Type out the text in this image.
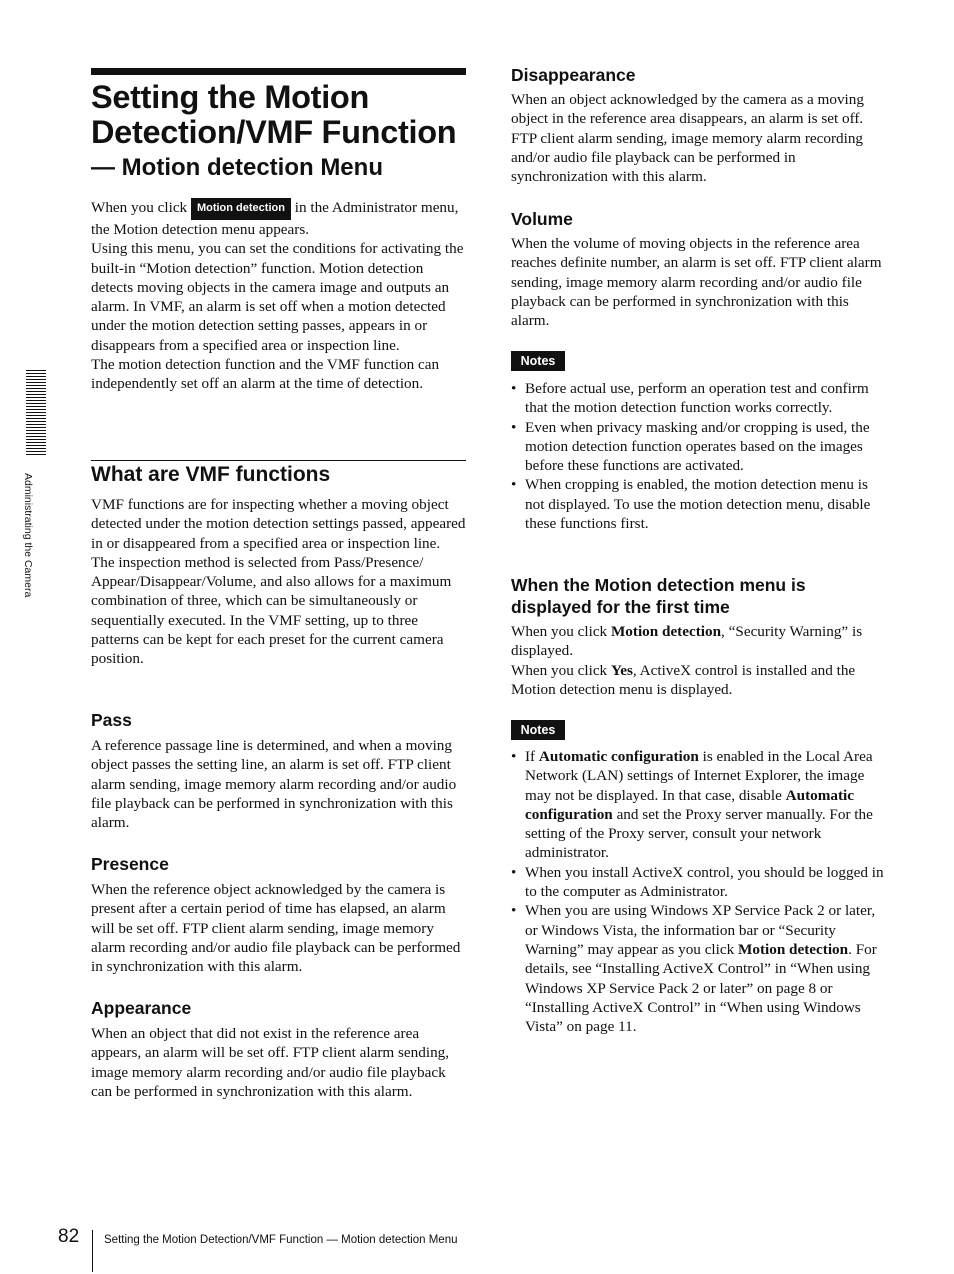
Setting the Motion
Detection/VMF Function
— Motion detection Menu

When you click Motion detection in the Administrator menu, the Motion detection menu appears.

Using this menu, you can set the conditions for activating the built-in “Motion detection” function. Motion detection detects moving objects in the camera image and outputs an alarm. In VMF, an alarm is set off when a motion detected under the motion detection setting passes, appears in or disappears from a specified area or inspection line.

The motion detection function and the VMF function can independently set off an alarm at the time of detection.

What are VMF functions

VMF functions are for inspecting whether a moving object detected under the motion detection settings passed, appeared in or disappeared from a specified area or inspection line.

The inspection method is selected from Pass/Presence/ Appear/Disappear/Volume, and also allows for a maximum combination of three, which can be simultaneously or sequentially executed. In the VMF setting, up to three patterns can be kept for each preset for the current camera position.

Pass

A reference passage line is determined, and when a moving object passes the setting line, an alarm is set off. FTP client alarm sending, image memory alarm recording and/or audio file playback can be performed in synchronization with this alarm.

Presence

When the reference object acknowledged by the camera is present after a certain period of time has elapsed, an alarm will be set off. FTP client alarm sending, image memory alarm recording and/or audio file playback can be performed in synchronization with this alarm.

Appearance

When an object that did not exist in the reference area appears, an alarm will be set off. FTP client alarm sending, image memory alarm recording and/or audio file playback can be performed in synchronization with this alarm.

Disappearance

When an object acknowledged by the camera as a moving object in the reference area disappears, an alarm is set off. FTP client alarm sending, image memory alarm recording and/or audio file playback can be performed in synchronization with this alarm.

Volume

When the volume of moving objects in the reference area reaches definite number, an alarm is set off. FTP client alarm sending, image memory alarm recording and/or audio file playback can be performed in synchronization with this alarm.

Notes
• Before actual use, perform an operation test and confirm that the motion detection function works correctly.
• Even when privacy masking and/or cropping is used, the motion detection function operates based on the images before these functions are activated.
• When cropping is enabled, the motion detection menu is not displayed. To use the motion detection menu, disable these functions first.
When the Motion detection menu is displayed for the first time

When you click Motion detection, “Security Warning” is displayed.

When you click Yes, ActiveX control is installed and the Motion detection menu is displayed.

Notes
• If Automatic configuration is enabled in the Local Area Network (LAN) settings of Internet Explorer, the image may not be displayed. In that case, disable Automatic configuration and set the Proxy server manually. For the setting of the Proxy server, consult your network administrator.
• When you install ActiveX control, you should be logged in to the computer as Administrator.
• When you are using Windows XP Service Pack 2 or later, or Windows Vista, the information bar or “Security Warning” may appear as you click Motion detection. For details, see “Installing ActiveX Control” in “When using Windows XP Service Pack 2 or later” on page 8 or “Installing ActiveX Control” in “When using Windows Vista” on page 11.
Administrating the Camera
82 Setting the Motion Detection/VMF Function — Motion detection Menu
